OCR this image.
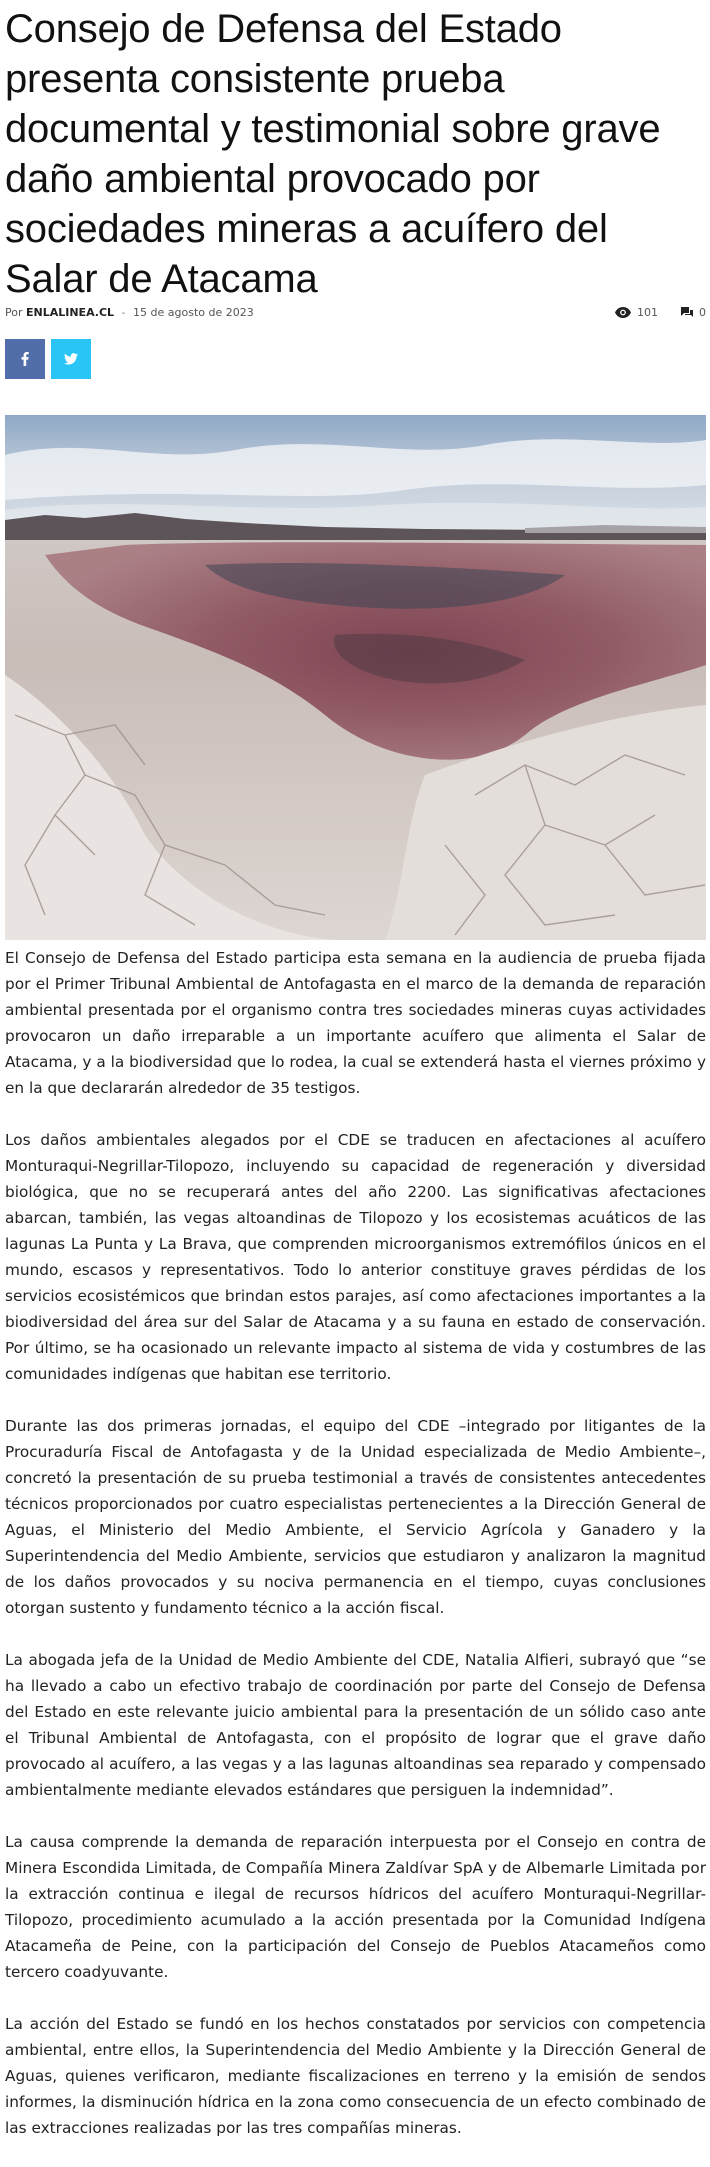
Consejo de Defensa del Estado presenta consistente prueba documental y testimonial sobre grave daño ambiental provocado por sociedades mineras a acuífero del Salar de Atacama
Por ENLALINEA.CL - 15 de agosto de 2023	101	0

El Consejo de Defensa del Estado participa esta semana en la audiencia de prueba fijada por el Primer Tribunal Ambiental de Antofagasta en el marco de la demanda de reparación ambiental presentada por el organismo contra tres sociedades mineras cuyas actividades provocaron un daño irreparable a un importante acuífero que alimenta el Salar de Atacama, y a la biodiversidad que lo rodea, la cual se extenderá hasta el viernes próximo y en la que declararán alrededor de 35 testigos.

Los daños ambientales alegados por el CDE se traducen en afectaciones al acuífero Monturaqui-Negrillar-Tilopozo, incluyendo su capacidad de regeneración y diversidad biológica, que no se recuperará antes del año 2200. Las significativas afectaciones abarcan, también, las vegas altoandinas de Tilopozo y los ecosistemas acuáticos de las lagunas La Punta y La Brava, que comprenden microorganismos extremófilos únicos en el mundo, escasos y representativos. Todo lo anterior constituye graves pérdidas de los servicios ecosistémicos que brindan estos parajes, así como afectaciones importantes a la biodiversidad del área sur del Salar de Atacama y a su fauna en estado de conservación. Por último, se ha ocasionado un relevante impacto al sistema de vida y costumbres de las comunidades indígenas que habitan ese territorio.

Durante las dos primeras jornadas, el equipo del CDE –integrado por litigantes de la Procuraduría Fiscal de Antofagasta y de la Unidad especializada de Medio Ambiente–, concretó la presentación de su prueba testimonial a través de consistentes antecedentes técnicos proporcionados por cuatro especialistas pertenecientes a la Dirección General de Aguas, el Ministerio del Medio Ambiente, el Servicio Agrícola y Ganadero y la Superintendencia del Medio Ambiente, servicios que estudiaron y analizaron la magnitud de los daños provocados y su nociva permanencia en el tiempo, cuyas conclusiones otorgan sustento y fundamento técnico a la acción fiscal.

La abogada jefa de la Unidad de Medio Ambiente del CDE, Natalia Alfieri, subrayó que “se ha llevado a cabo un efectivo trabajo de coordinación por parte del Consejo de Defensa del Estado en este relevante juicio ambiental para la presentación de un sólido caso ante el Tribunal Ambiental de Antofagasta, con el propósito de lograr que el grave daño provocado al acuífero, a las vegas y a las lagunas altoandinas sea reparado y compensado ambientalmente mediante elevados estándares que persiguen la indemnidad”.

La causa comprende la demanda de reparación interpuesta por el Consejo en contra de Minera Escondida Limitada, de Compañía Minera Zaldívar SpA y de Albemarle Limitada por la extracción continua e ilegal de recursos hídricos del acuífero Monturaqui-Negrillar-Tilopozo, procedimiento acumulado a la acción presentada por la Comunidad Indígena Atacameña de Peine, con la participación del Consejo de Pueblos Atacameños como tercero coadyuvante.

La acción del Estado se fundó en los hechos constatados por servicios con competencia ambiental, entre ellos, la Superintendencia del Medio Ambiente y la Dirección General de Aguas, quienes verificaron, mediante fiscalizaciones en terreno y la emisión de sendos informes, la disminución hídrica en la zona como consecuencia de un efecto combinado de las extracciones realizadas por las tres compañías mineras.
